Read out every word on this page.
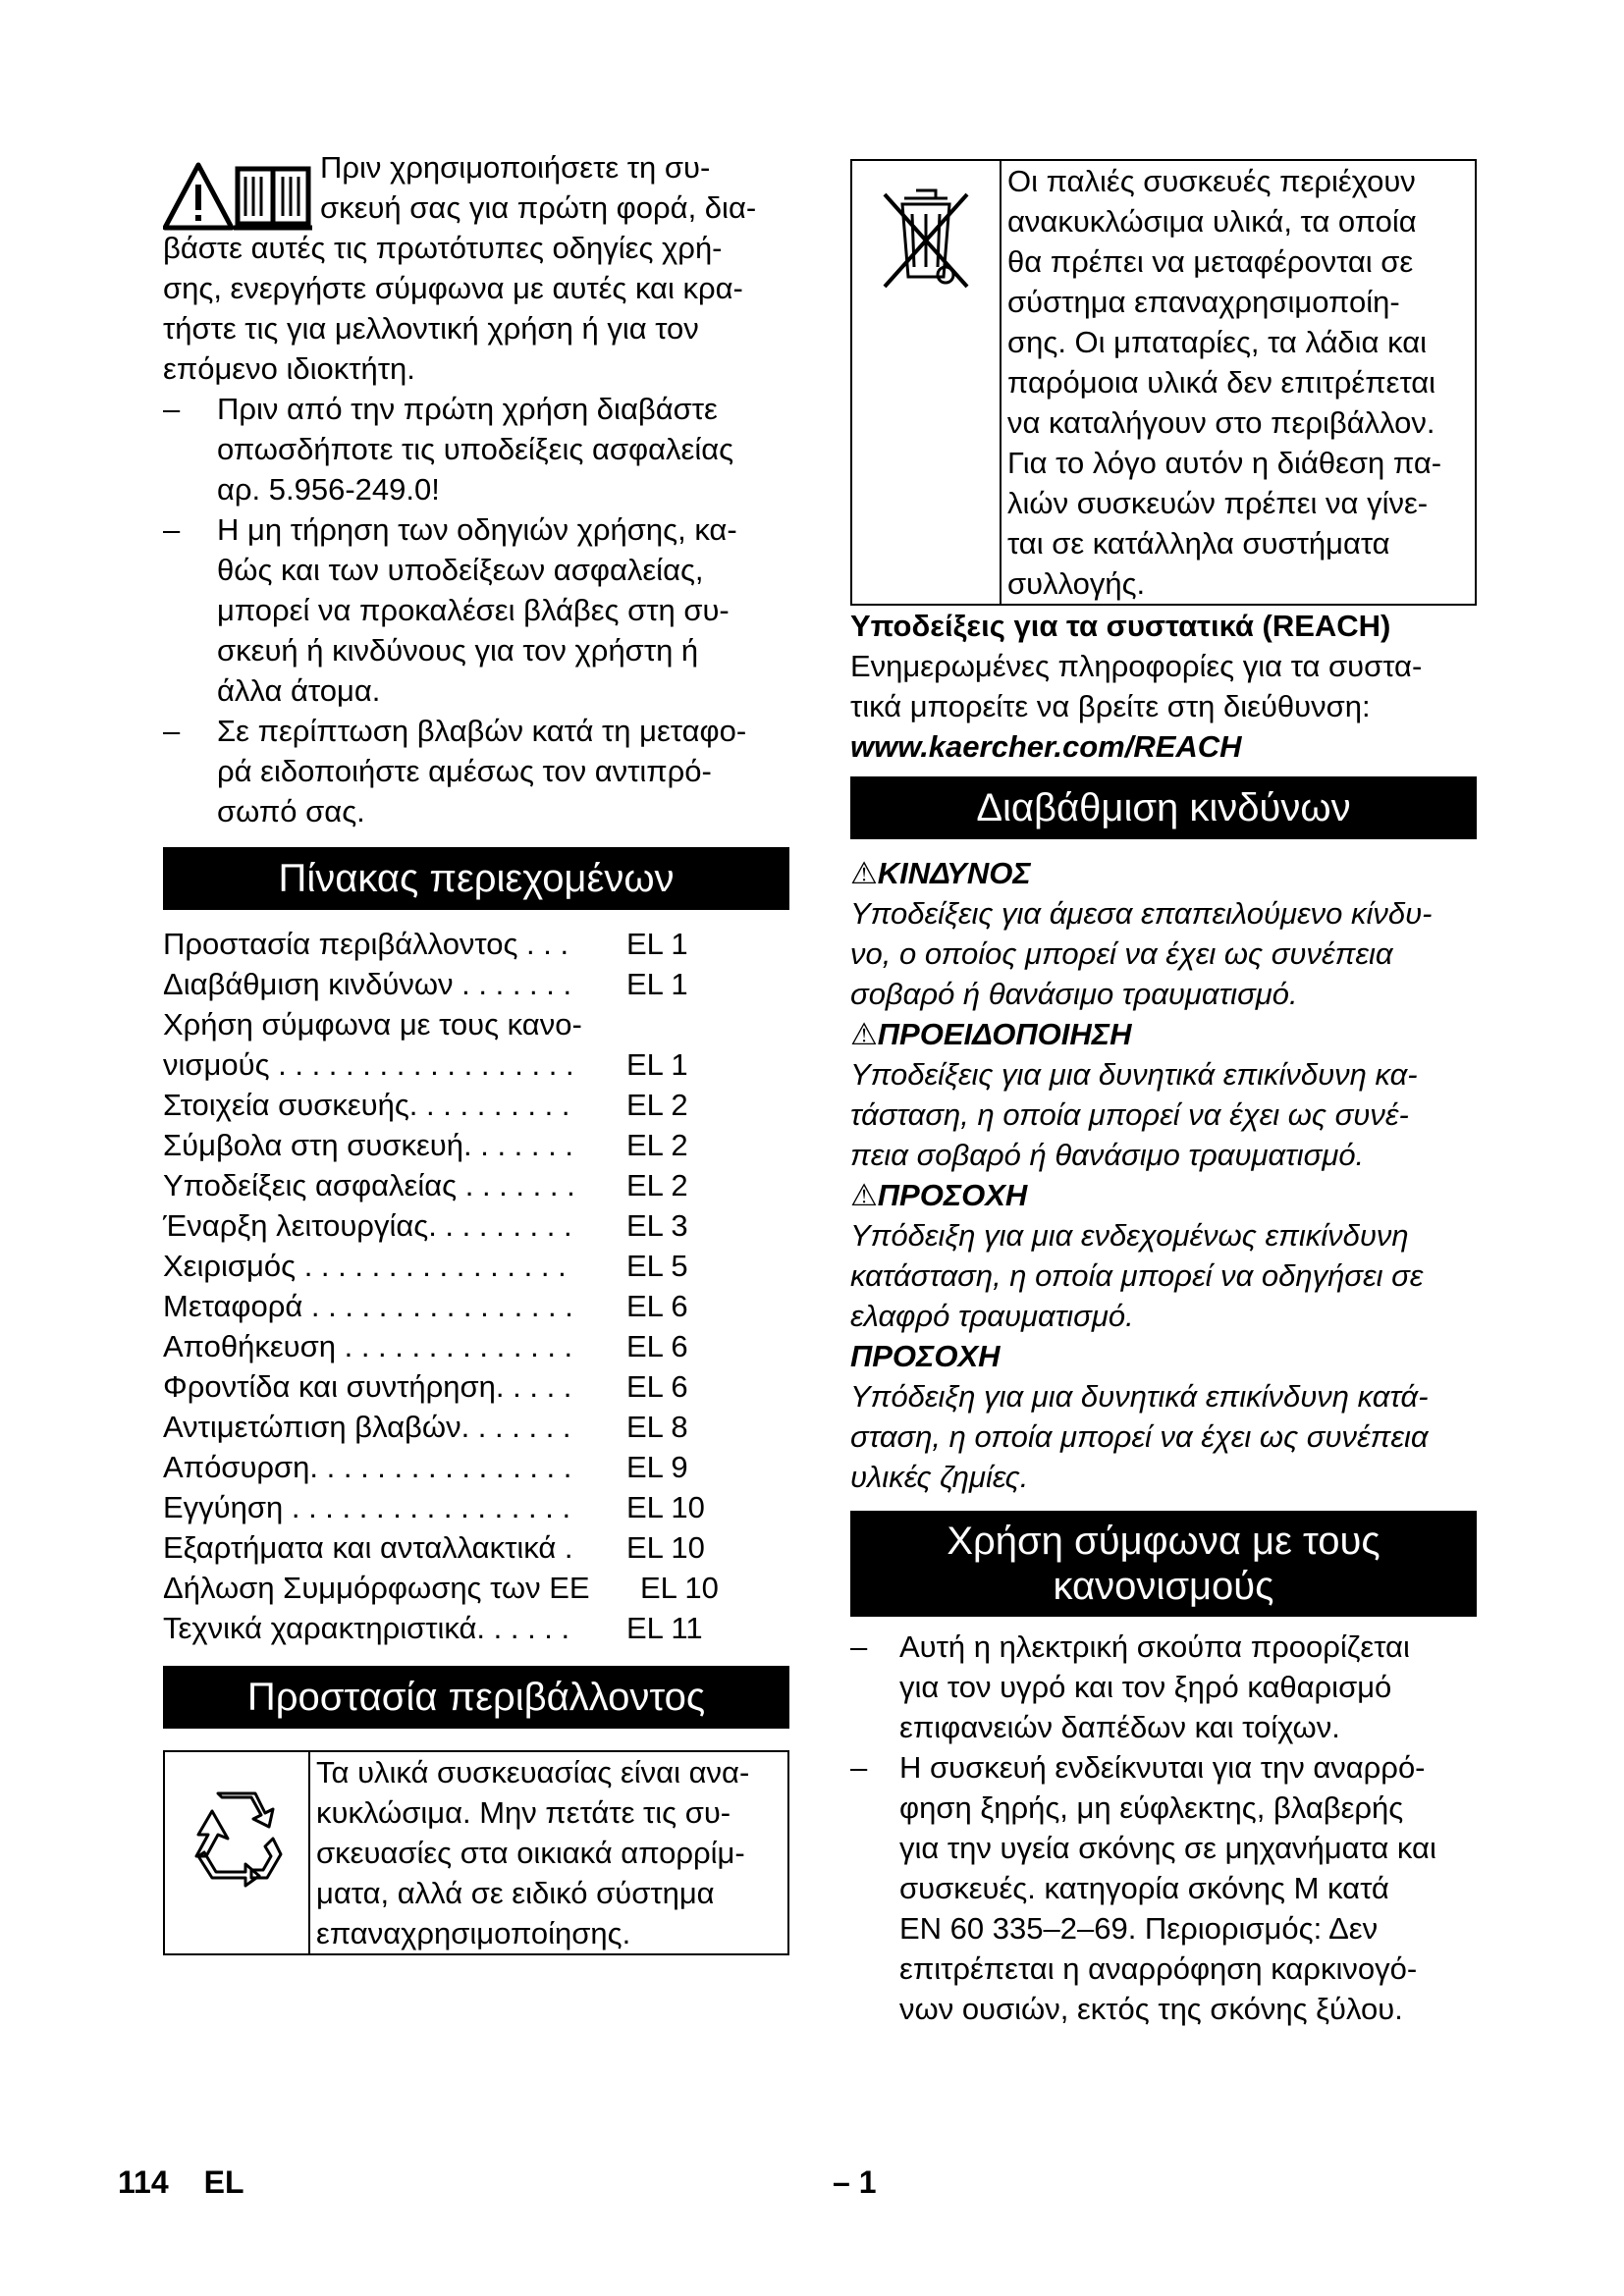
Πριν χρησιμοποιήσετε τη συ-

σκευή σας για πρώτη φορά, δια-

βάστε αυτές τις πρωτότυπες οδηγίες χρή-

σης, ενεργήστε σύμφωνα με αυτές και κρα-

τήστε τις για μελλοντική χρήση ή για τον

επόμενο ιδιοκτήτη.

– Πριν από την πρώτη χρήση διαβάστε
οπωσδήποτε τις υποδείξεις ασφαλείας
αρ. 5.956-249.0!
– Η μη τήρηση των οδηγιών χρήσης, κα-
θώς και των υποδείξεων ασφαλείας,
μπορεί να προκαλέσει βλάβες στη συ-
σκευή ή κινδύνους για τον χρήστη ή
άλλα άτομα.
– Σε περίπτωση βλαβών κατά τη μεταφο-
ρά ειδοποιήστε αμέσως τον αντιπρό-
σωπό σας.
Πίνακας περιεχομένων
Προστασία περιβάλλοντος . . . EL 1
Διαβάθμιση κινδύνων . . . . . . . EL 1
Χρήση σύμφωνα με τους κανο-
νισμούς . . . . . . . . . . . . . . . . . . EL 1
Στοιχεία συσκευής. . . . . . . . . . EL 2
Σύμβολα στη συσκευή. . . . . . . EL 2
Υποδείξεις ασφαλείας . . . . . . . EL 2
Έναρξη λειτουργίας. . . . . . . . . EL 3
Χειρισμός . . . . . . . . . . . . . . . . EL 5
Μεταφορά . . . . . . . . . . . . . . . . EL 6
Αποθήκευση . . . . . . . . . . . . . . EL 6
Φροντίδα και συντήρηση. . . . . EL 6
Αντιμετώπιση βλαβών. . . . . . . EL 8
Απόσυρση. . . . . . . . . . . . . . . . EL 9
Εγγύηση . . . . . . . . . . . . . . . . . EL 10
Εξαρτήματα και ανταλλακτικά . EL 10
Δήλωση Συμμόρφωσης των ΕΕ EL 10
Τεχνικά χαρακτηριστικά. . . . . . EL 11
Προστασία περιβάλλοντος
Τα υλικά συσκευασίας είναι ανα-
κυκλώσιμα. Μην πετάτε τις συ-
σκευασίες στα οικιακά απορρίμ-
ματα, αλλά σε ειδικό σύστημα
επαναχρησιμοποίησης.
Οι παλιές συσκευές περιέχουν
ανακυκλώσιμα υλικά, τα οποία
θα πρέπει να μεταφέρονται σε
σύστημα επαναχρησιμοποίη-
σης. Οι μπαταρίες, τα λάδια και
παρόμοια υλικά δεν επιτρέπεται
να καταλήγουν στο περιβάλλον.
Για το λόγο αυτόν η διάθεση πα-
λιών συσκευών πρέπει να γίνε-
ται σε κατάλληλα συστήματα
συλλογής.

Υποδείξεις για τα συστατικά (REACH)

Ενημερωμένες πληροφορίες για τα συστα-

τικά μπορείτε να βρείτε στη διεύθυνση:

www.kaercher.com/REACH

Διαβάθμιση κινδύνων

⚠ΚΙΝΔΥΝΟΣ

Υποδείξεις για άμεσα επαπειλούμενο κίνδυ-

νο, ο οποίος μπορεί να έχει ως συνέπεια

σοβαρό ή θανάσιμο τραυματισμό.

⚠ΠΡΟΕΙΔΟΠΟΙΗΣΗ

Υποδείξεις για μια δυνητικά επικίνδυνη κα-

τάσταση, η οποία μπορεί να έχει ως συνέ-

πεια σοβαρό ή θανάσιμο τραυματισμό.

⚠ΠΡΟΣΟΧΗ

Υπόδειξη για μια ενδεχομένως επικίνδυνη

κατάσταση, η οποία μπορεί να οδηγήσει σε

ελαφρό τραυματισμό.

ΠΡΟΣΟΧΗ

Υπόδειξη για μια δυνητικά επικίνδυνη κατά-

σταση, η οποία μπορεί να έχει ως συνέπεια

υλικές ζημίες.

Χρήση σύμφωνα με τους
κανονισμούς
– Αυτή η ηλεκτρική σκούπα προορίζεται
για τον υγρό και τον ξηρό καθαρισμό
επιφανειών δαπέδων και τοίχων.
– Η συσκευή ενδείκνυται για την αναρρό-
φηση ξηρής, μη εύφλεκτης, βλαβερής
για την υγεία σκόνης σε μηχανήματα και
συσκευές. κατηγορία σκόνης M κατά
EN 60 335–2–69. Περιορισμός: Δεν
επιτρέπεται η αναρρόφηση καρκινογό-
νων ουσιών, εκτός της σκόνης ξύλου.
114 EL	– 1
